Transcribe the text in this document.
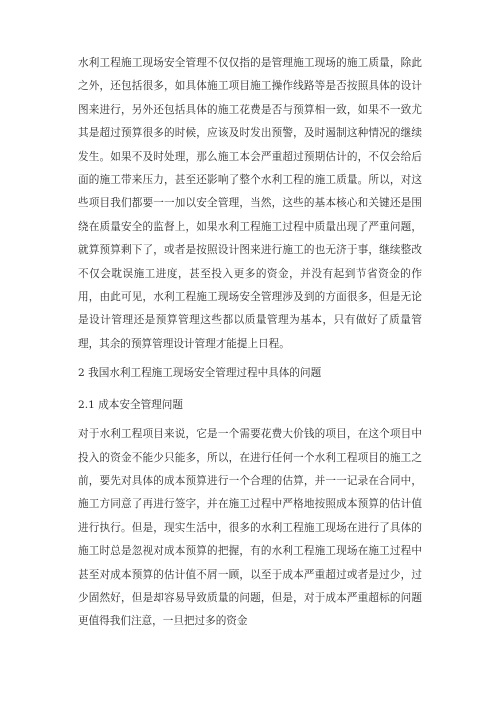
水利工程施工现场安全管理不仅仅指的是管理施工现场的施工质量，除此之外，还包括很多，如具体施工项目施工操作线路等是否按照具体的设计图来进行，另外还包括具体的施工花费是否与预算相一致，如果不一致尤其是超过预算很多的时候，应该及时发出预警，及时遏制这种情况的继续发生。如果不及时处理，那么施工本会严重超过预期估计的，不仅会给后面的施工带来压力，甚至还影响了整个水利工程的施工质量。所以，对这些项目我们都要一一加以安全管理，当然，这些的基本核心和关键还是围绕在质量安全的监督上，如果水利工程施工过程中质量出现了严重问题，就算预算剩下了，或者是按照设计图来进行施工的也无济于事，继续整改不仅会耽误施工进度，甚至投入更多的资金，并没有起到节省资金的作用，由此可见，水利工程施工现场安全管理涉及到的方面很多，但是无论是设计管理还是预算管理这些都以质量管理为基本，只有做好了质量管理，其余的预算管理设计管理才能提上日程。

2 我国水利工程施工现场安全管理过程中具体的问题

2.1 成本安全管理问题

对于水利工程项目来说，它是一个需要花费大价钱的项目，在这个项目中投入的资金不能少只能多，所以，在进行任何一个水利工程项目的施工之前，要先对具体的成本预算进行一个合理的估算，并一一记录在合同中，施工方同意了再进行签字，并在施工过程中严格地按照成本预算的估计值进行执行。但是，现实生活中，很多的水利工程施工现场在进行了具体的施工时总是忽视对成本预算的把握，有的水利工程施工现场在施工过程中甚至对成本预算的估计值不屑一顾，以至于成本严重超过或者是过少，过少固然好，但是却容易导致质量的问题，但是，对于成本严重超标的问题更值得我们注意，一旦把过多的资金
